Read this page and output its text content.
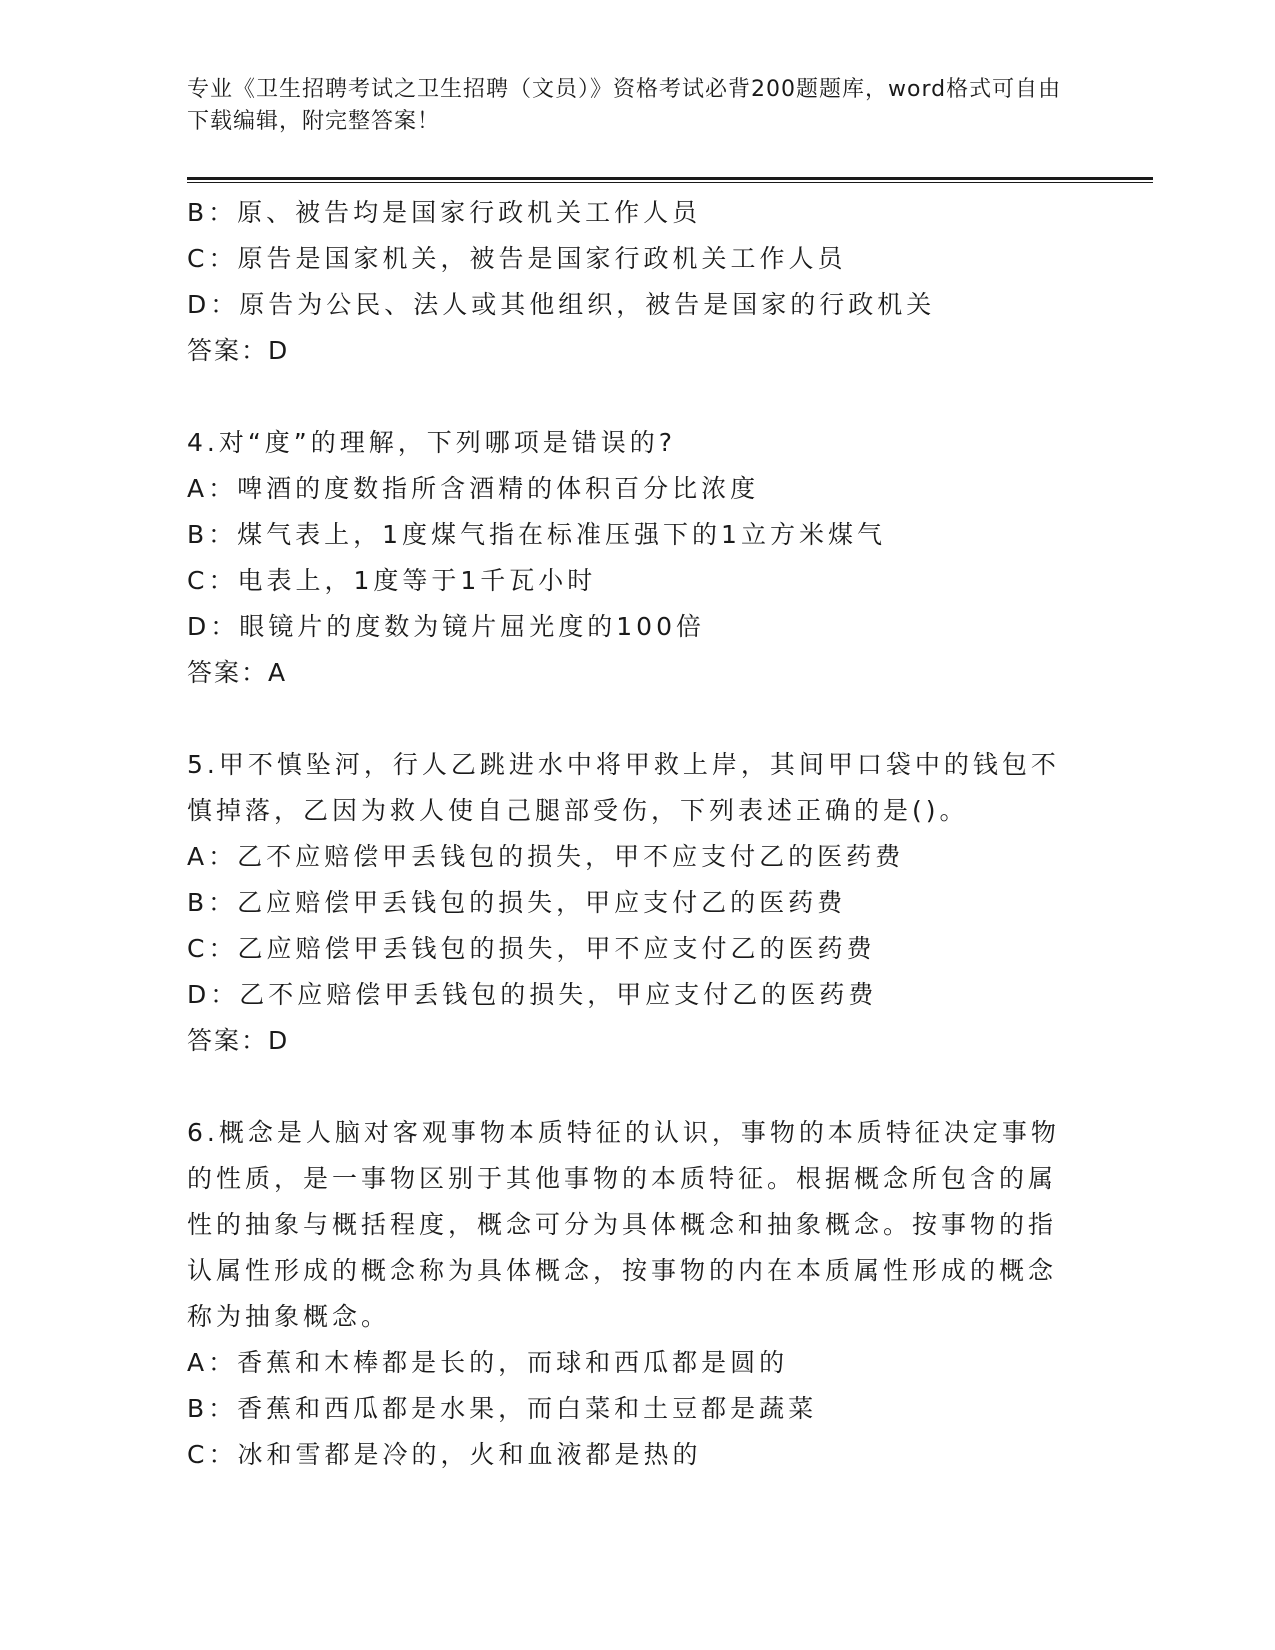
专业《卫生招聘考试之卫生招聘（文员）》资格考试必背200题题库，word格式可自由下载编辑，附完整答案！
B：原、被告均是国家行政机关工作人员
C：原告是国家机关，被告是国家行政机关工作人员
D：原告为公民、法人或其他组织，被告是国家的行政机关
答案：D
4.对“度”的理解，下列哪项是错误的?
A：啤酒的度数指所含酒精的体积百分比浓度
B：煤气表上，1度煤气指在标准压强下的1立方米煤气
C：电表上，1度等于1千瓦小时
D：眼镜片的度数为镜片屈光度的100倍
答案：A
5.甲不慎坠河，行人乙跳进水中将甲救上岸，其间甲口袋中的钱包不慎掉落，乙因为救人使自己腿部受伤，下列表述正确的是()。
A：乙不应赔偿甲丢钱包的损失，甲不应支付乙的医药费
B：乙应赔偿甲丢钱包的损失，甲应支付乙的医药费
C：乙应赔偿甲丢钱包的损失，甲不应支付乙的医药费
D：乙不应赔偿甲丢钱包的损失，甲应支付乙的医药费
答案：D
6.概念是人脑对客观事物本质特征的认识，事物的本质特征决定事物的性质，是一事物区别于其他事物的本质特征。根据概念所包含的属性的抽象与概括程度，概念可分为具体概念和抽象概念。按事物的指认属性形成的概念称为具体概念，按事物的内在本质属性形成的概念称为抽象概念。
A：香蕉和木棒都是长的，而球和西瓜都是圆的
B：香蕉和西瓜都是水果，而白菜和土豆都是蔬菜
C：冰和雪都是冷的，火和血液都是热的
